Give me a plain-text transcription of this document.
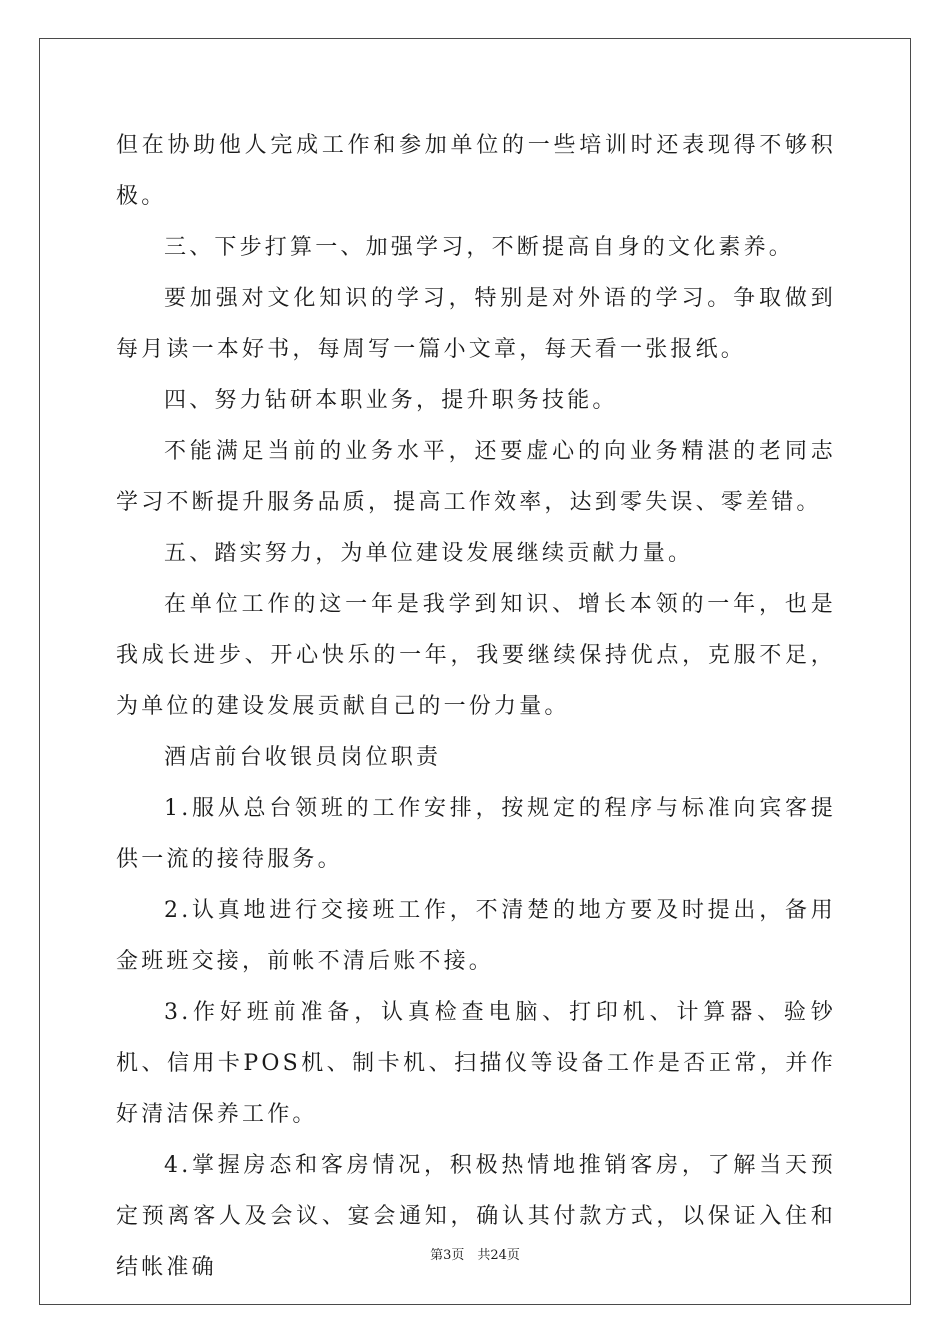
但在协助他人完成工作和参加单位的一些培训时还表现得不够积极。

三、下步打算一、加强学习，不断提高自身的文化素养。

要加强对文化知识的学习，特别是对外语的学习。争取做到每月读一本好书，每周写一篇小文章，每天看一张报纸。

四、努力钻研本职业务，提升职务技能。

不能满足当前的业务水平，还要虚心的向业务精湛的老同志学习不断提升服务品质，提高工作效率，达到零失误、零差错。

五、踏实努力，为单位建设发展继续贡献力量。

在单位工作的这一年是我学到知识、增长本领的一年，也是我成长进步、开心快乐的一年，我要继续保持优点，克服不足，为单位的建设发展贡献自己的一份力量。

酒店前台收银员岗位职责

1.服从总台领班的工作安排，按规定的程序与标准向宾客提供一流的接待服务。

2.认真地进行交接班工作，不清楚的地方要及时提出，备用金班班交接，前帐不清后账不接。

3.作好班前准备，认真检查电脑、打印机、计算器、验钞机、信用卡POS机、制卡机、扫描仪等设备工作是否正常，并作好清洁保养工作。

4.掌握房态和客房情况，积极热情地推销客房，了解当天预定预离客人及会议、宴会通知，确认其付款方式，以保证入住和结帐准确	第3页　共24页
